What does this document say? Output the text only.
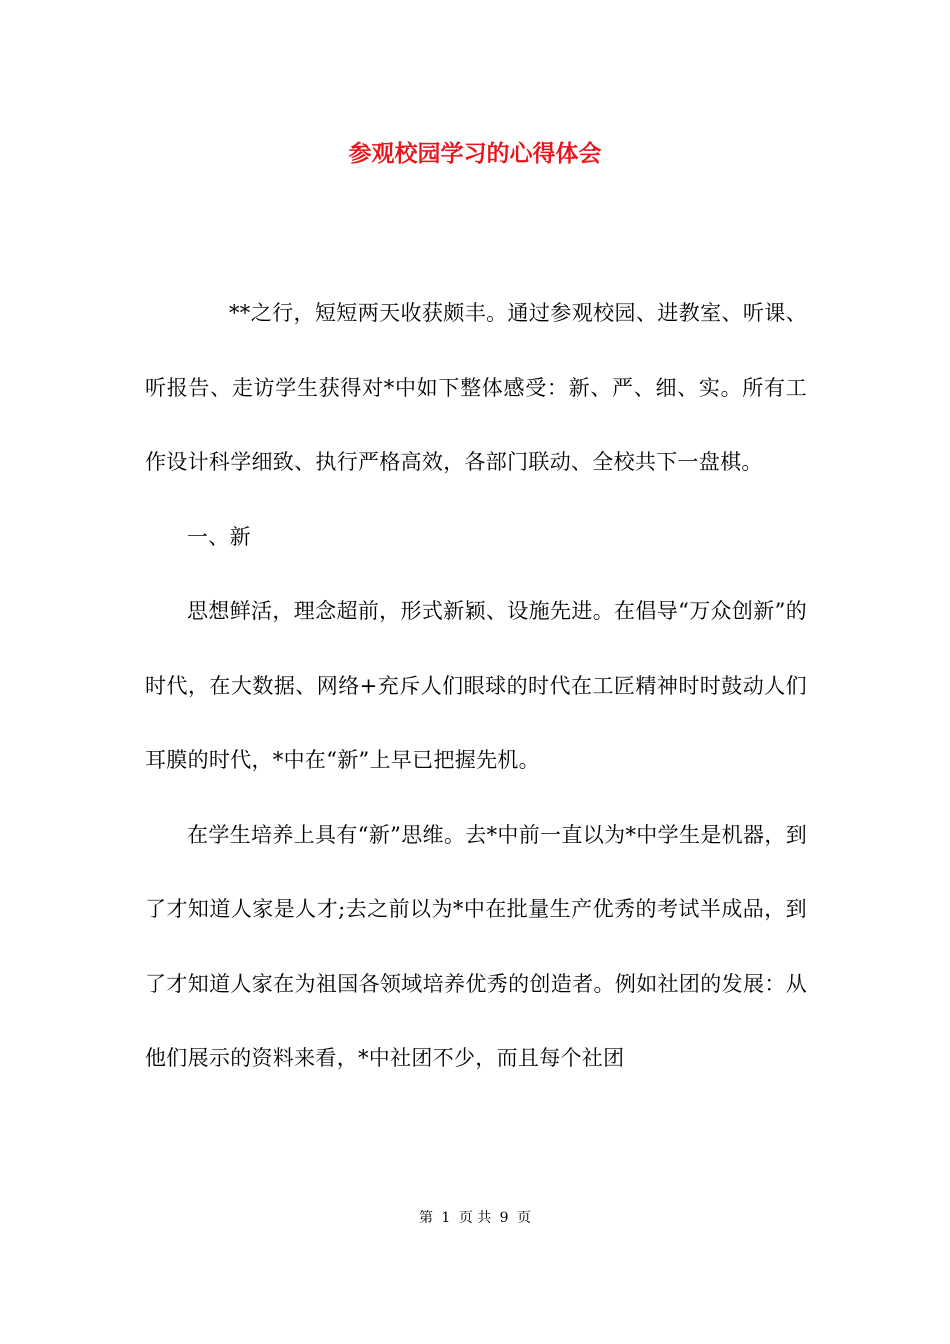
参观校园学习的心得体会

**之行，短短两天收获颇丰。通过参观校园、进教室、听课、听报告、走访学生获得对*中如下整体感受：新、严、细、实。所有工作设计科学细致、执行严格高效，各部门联动、全校共下一盘棋。

一、新

思想鲜活，理念超前，形式新颖、设施先进。在倡导“万众创新”的时代，在大数据、网络+充斥人们眼球的时代在工匠精神时时鼓动人们耳膜的时代，*中在“新”上早已把握先机。

在学生培养上具有“新”思维。去*中前一直以为*中学生是机器，到了才知道人家是人才;去之前以为*中在批量生产优秀的考试半成品，到了才知道人家在为祖国各领域培养优秀的创造者。例如社团的发展：从他们展示的资料来看，*中社团不少，而且每个社团

第 1 页 共 9 页
